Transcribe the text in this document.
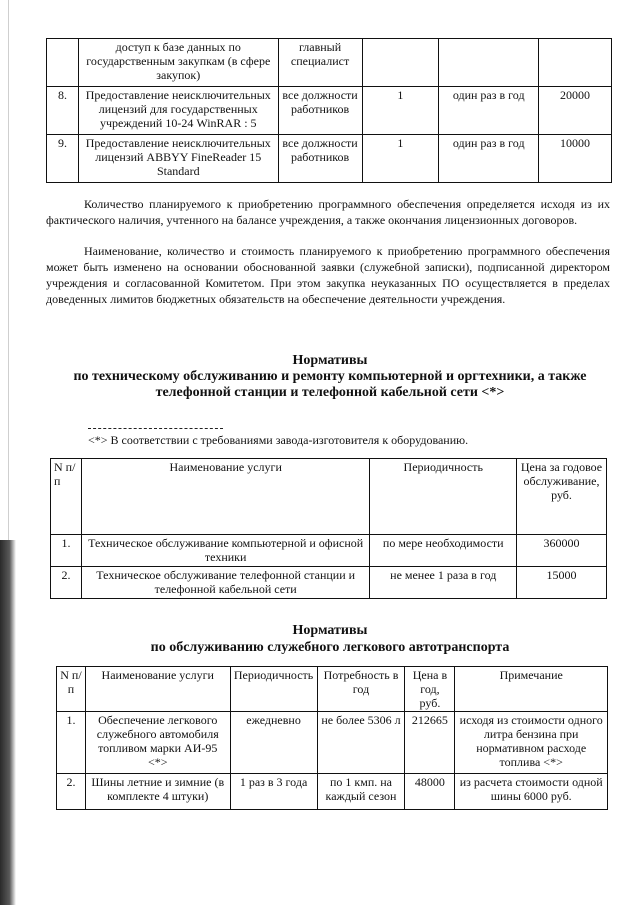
	доступ к базе данных по государственным закупкам (в сфере закупок)	главный специалист			
8.	Предоставление неисключительных лицензий для государственных учреждений 10-24 WinRAR : 5	все должности работников	1	один раз в год	20000
9.	Предоставление неисключительных лицензий ABBYY FineReader 15 Standard	все должности работников	1	один раз в год	10000
Количество планируемого к приобретению программного обеспечения определяется исходя из их фактического наличия, учтенного на балансе учреждения, а также окончания лицензионных договоров.
Наименование, количество и стоимость планируемого к приобретению программного обеспечения может быть изменено на основании обоснованной заявки (служебной записки), подписанной директором учреждения и согласованной Комитетом. При этом закупка неуказанных ПО осуществляется в пределах доведенных лимитов бюджетных обязательств на обеспечение деятельности учреждения.
Нормативы
по техническому обслуживанию и ремонту компьютерной и оргтехники, а также
телефонной станции и телефонной кабельной сети <*>
<*> В соответствии с требованиями завода-изготовителя к оборудованию.
N п/п	Наименование услуги	Периодичность	Цена за годовое обслуживание, руб.
1.	Техническое обслуживание компьютерной и офисной техники	по мере необходимости	360000
2.	Техническое обслуживание телефонной станции и телефонной кабельной сети	не менее 1 раза в год	15000
Нормативы
по обслуживанию служебного легкового автотранспорта
N п/п	Наименование услуги	Периодичность	Потребность в год	Цена в год, руб.	Примечание
1.	Обеспечение легкового служебного автомобиля топливом марки АИ-95 <*>	ежедневно	не более 5306 л	212665	исходя из стоимости одного литра бензина при нормативном расходе топлива <*>
2.	Шины летние и зимние (в комплекте 4 штуки)	1 раз в 3 года	по 1 кмп. на каждый сезон	48000	из расчета стоимости одной шины 6000 руб.
